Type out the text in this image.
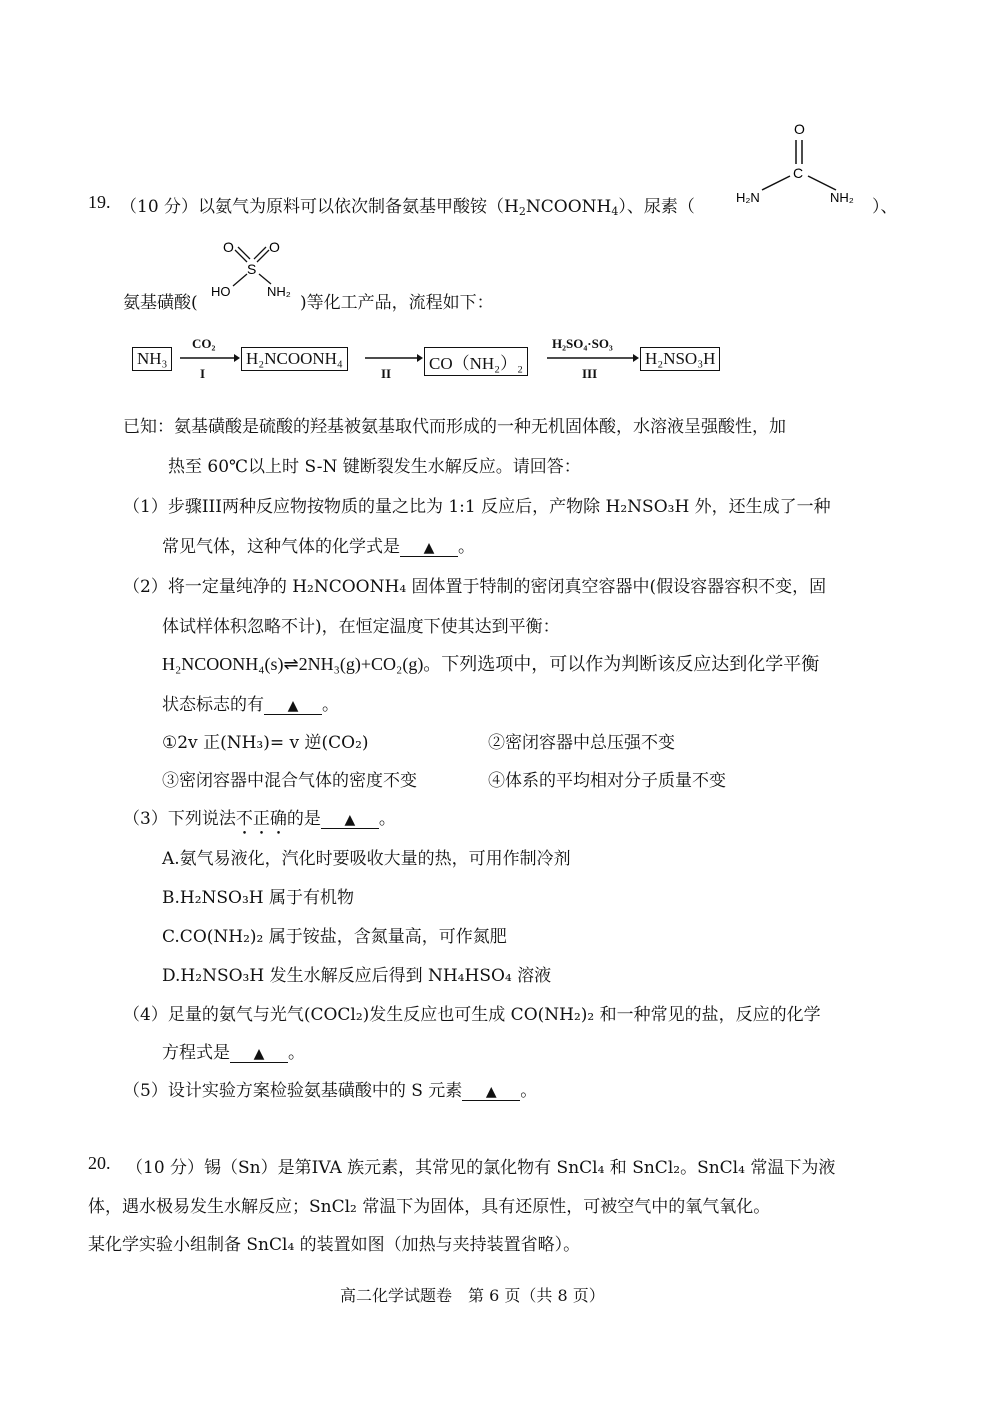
19. （10 分）以氨气为原料可以依次制备氨基甲酸铵$(H_2NCOONH_4)$、尿素（
O
C
H₂N	NH₂ ）、
氨基磺酸(
O	O
S
HO	NH₂
)等化工产品，流程如下：
NH₃
CO₂
I
H₂NCOONH₄
II
CO（NH₂）₂
H₂SO₄·SO₃
III
H₂NSO₃H
已知：氨基磺酸是硫酸的羟基被氨基取代而形成的一种无机固体酸，水溶液呈强酸性，加
热至 60℃以上时 S-N 键断裂发生水解反应。请回答：
（1）步骤III两种反应物按物质的量之比为 1:1 反应后，产物除 H₂NSO₃H 外，还生成了一种
常见气体，这种气体的化学式是 ▲ 。
（2）将一定量纯净的 H₂NCOONH₄ 固体置于特制的密闭真空容器中(假设容器容积不变，固
体试样体积忽略不计)，在恒定温度下使其达到平衡：
H₂NCOONH₄(s)⇌2NH₃(g)+CO₂(g)。下列选项中，可以作为判断该反应达到化学平衡
状态标志的有 ▲ 。
①2v 正(NH₃)= v 逆(CO₂)	②密闭容器中总压强不变
③密闭容器中混合气体的密度不变	④体系的平均相对分子质量不变
（3）下列说法不正确的是 ▲ 。
A.氨气易液化，汽化时要吸收大量的热，可用作制冷剂
B.H₂NSO₃H 属于有机物
C.CO(NH₂)₂ 属于铵盐，含氮量高，可作氮肥
D.H₂NSO₃H 发生水解反应后得到 NH₄HSO₄ 溶液
（4）足量的氨气与光气(COCl₂)发生反应也可生成 CO(NH₂)₂ 和一种常见的盐，反应的化学
方程式是 ▲ 。
（5）设计实验方案检验氨基磺酸中的 S 元素 ▲ 。
20. （10 分）锡（Sn）是第IVA 族元素，其常见的氯化物有 SnCl₄ 和 SnCl₂。SnCl₄ 常温下为液
体，遇水极易发生水解反应；SnCl₂ 常温下为固体，具有还原性，可被空气中的氧气氧化。
某化学实验小组制备 SnCl₄ 的装置如图（加热与夹持装置省略）。
高二化学试题卷　第 6 页（共 8 页）
